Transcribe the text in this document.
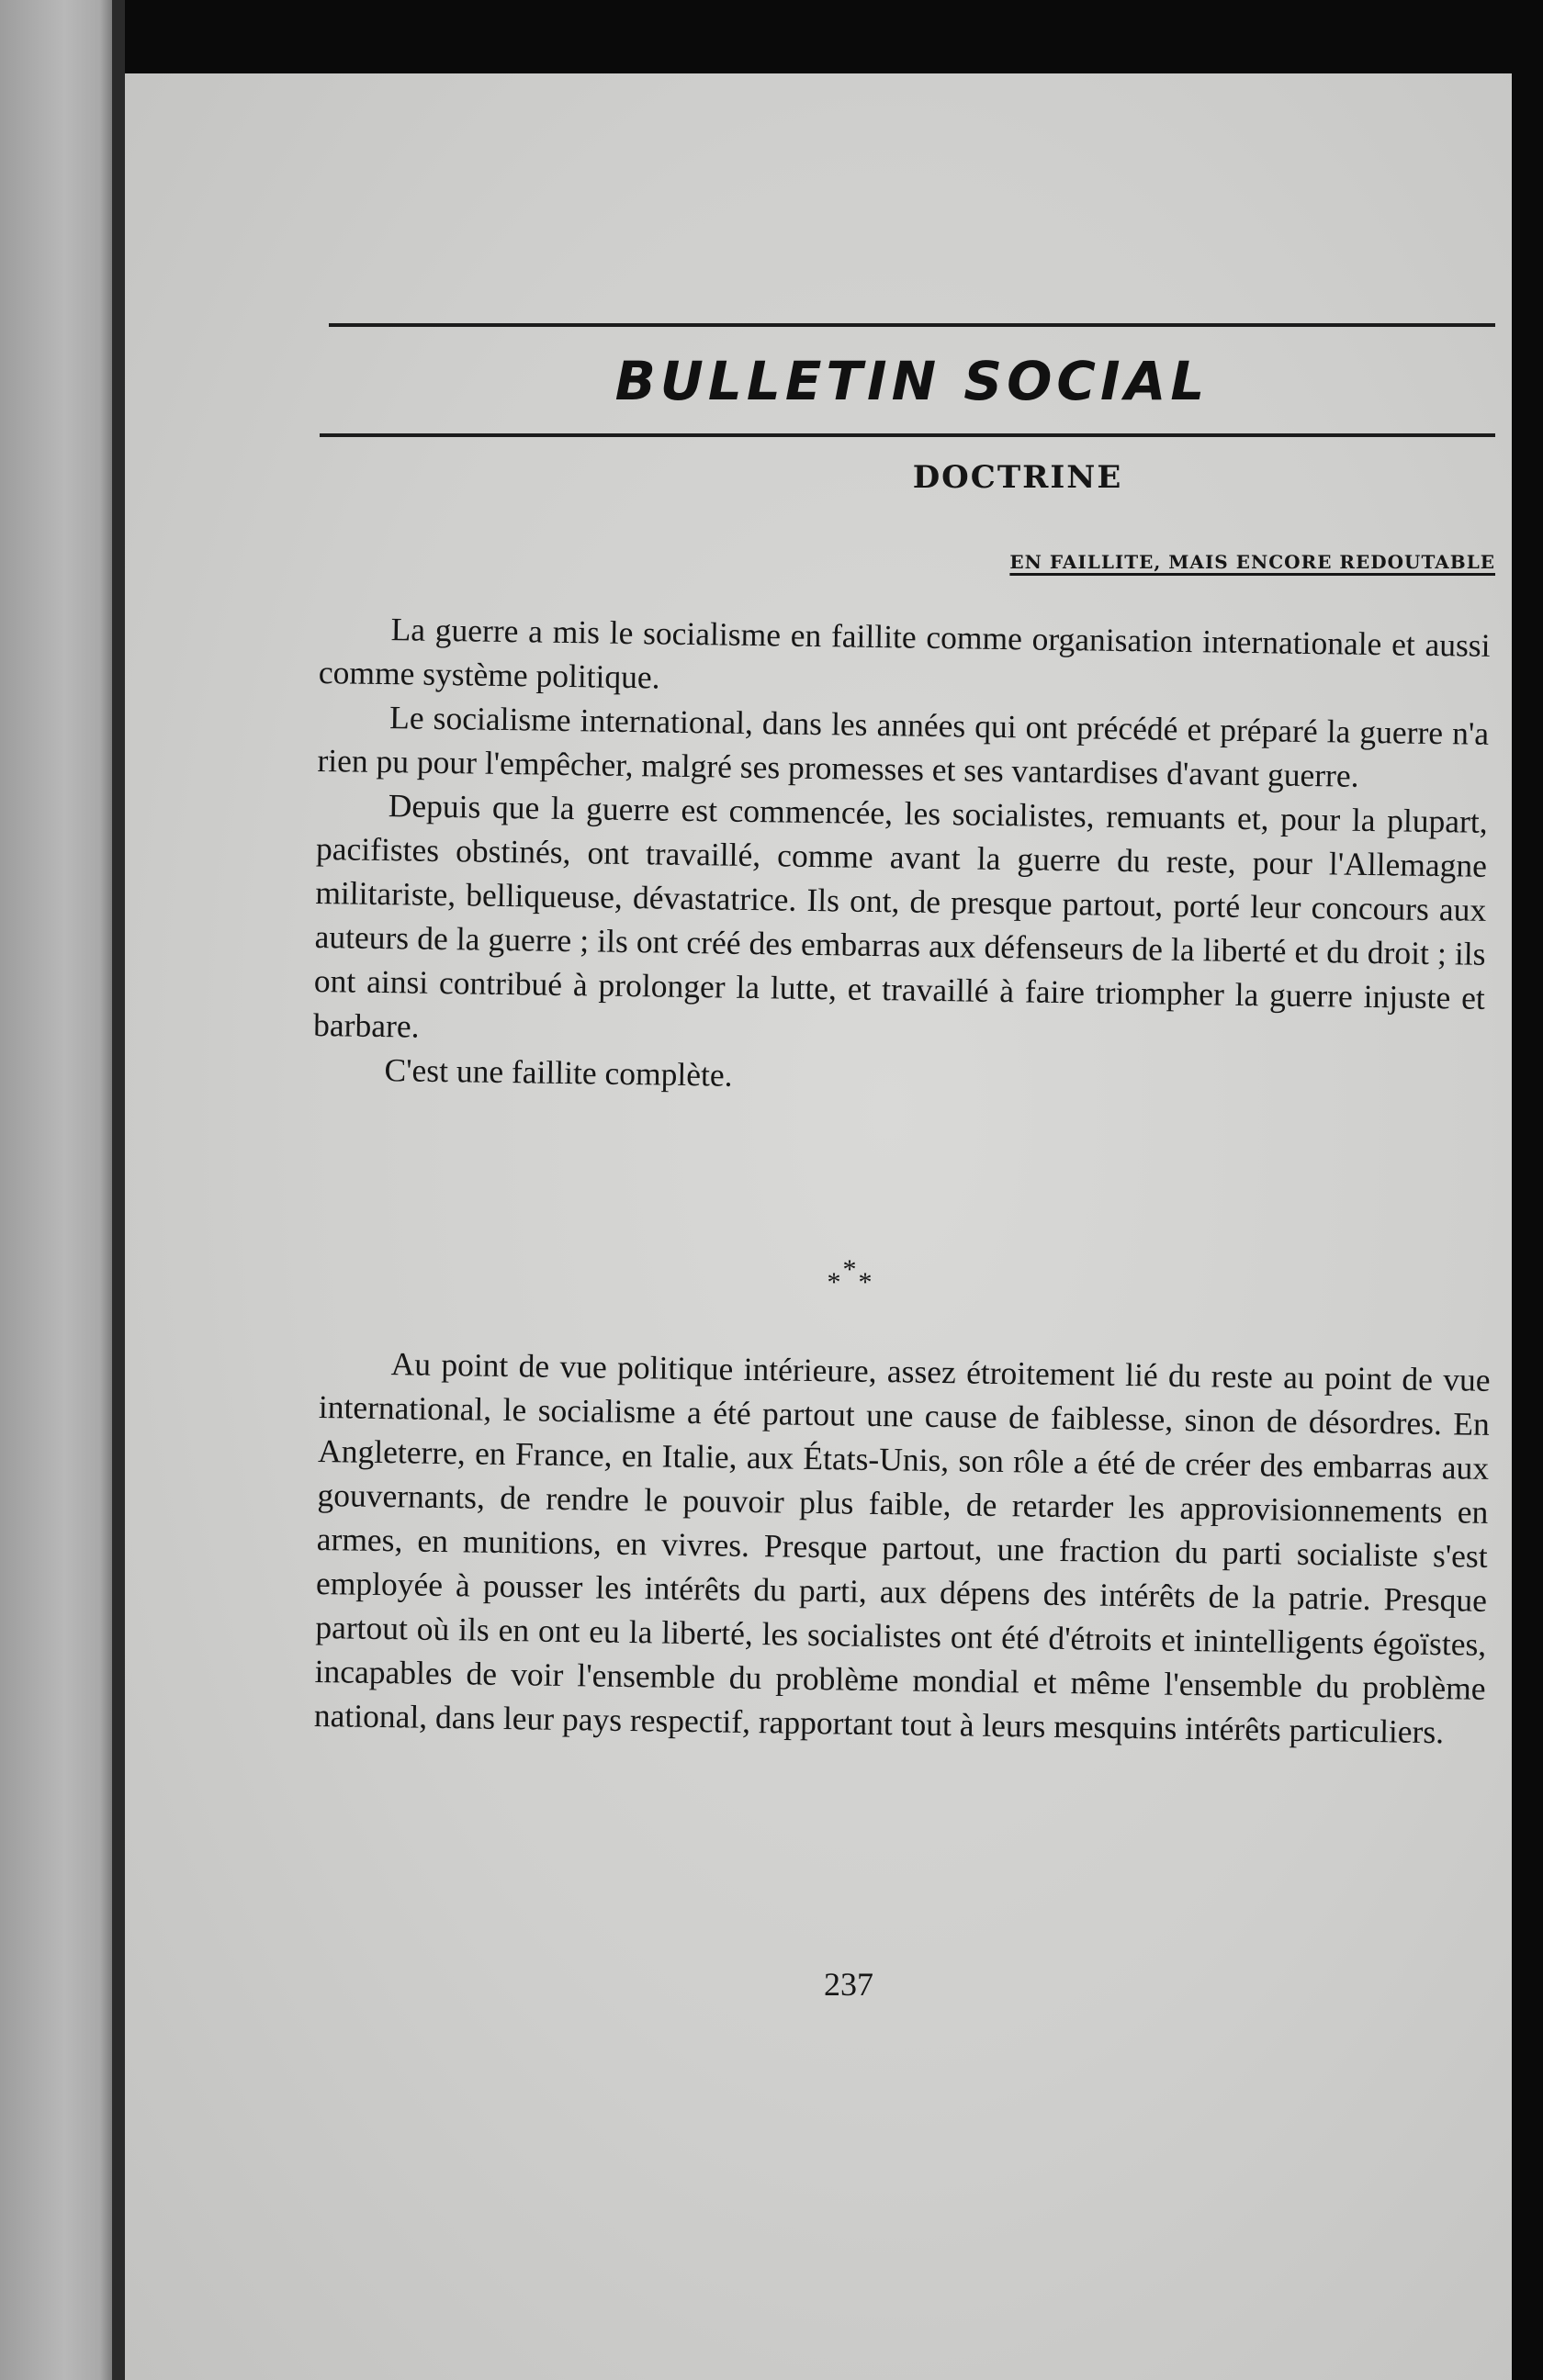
BULLETIN SOCIAL
DOCTRINE
EN FAILLITE, MAIS ENCORE REDOUTABLE

La guerre a mis le socialisme en faillite comme organisation internationale et aussi comme système politique.

Le socialisme international, dans les années qui ont précédé et préparé la guerre n'a rien pu pour l'empêcher, malgré ses promesses et ses vantardises d'avant guerre.

Depuis que la guerre est commencée, les socialistes, remuants et, pour la plupart, pacifistes obstinés, ont travaillé, comme avant la guerre du reste, pour l'Allemagne militariste, belliqueuse, dévastatrice. Ils ont, de presque partout, porté leur concours aux auteurs de la guerre ; ils ont créé des embarras aux défenseurs de la liberté et du droit ; ils ont ainsi contribué à prolonger la lutte, et travaillé à faire triompher la guerre injuste et barbare.

C'est une faillite complète.

***

Au point de vue politique intérieure, assez étroitement lié du reste au point de vue international, le socialisme a été partout une cause de faiblesse, sinon de désordres. En Angleterre, en France, en Italie, aux États-Unis, son rôle a été de créer des embarras aux gouvernants, de rendre le pouvoir plus faible, de retarder les approvisionnements en armes, en munitions, en vivres. Presque partout, une fraction du parti socialiste s'est employée à pousser les intérêts du parti, aux dépens des intérêts de la patrie. Presque partout où ils en ont eu la liberté, les socialistes ont été d'étroits et inintelligents égoïstes, incapables de voir l'ensemble du problème mondial et même l'ensemble du problème national, dans leur pays respectif, rapportant tout à leurs mesquins intérêts particuliers.

237
